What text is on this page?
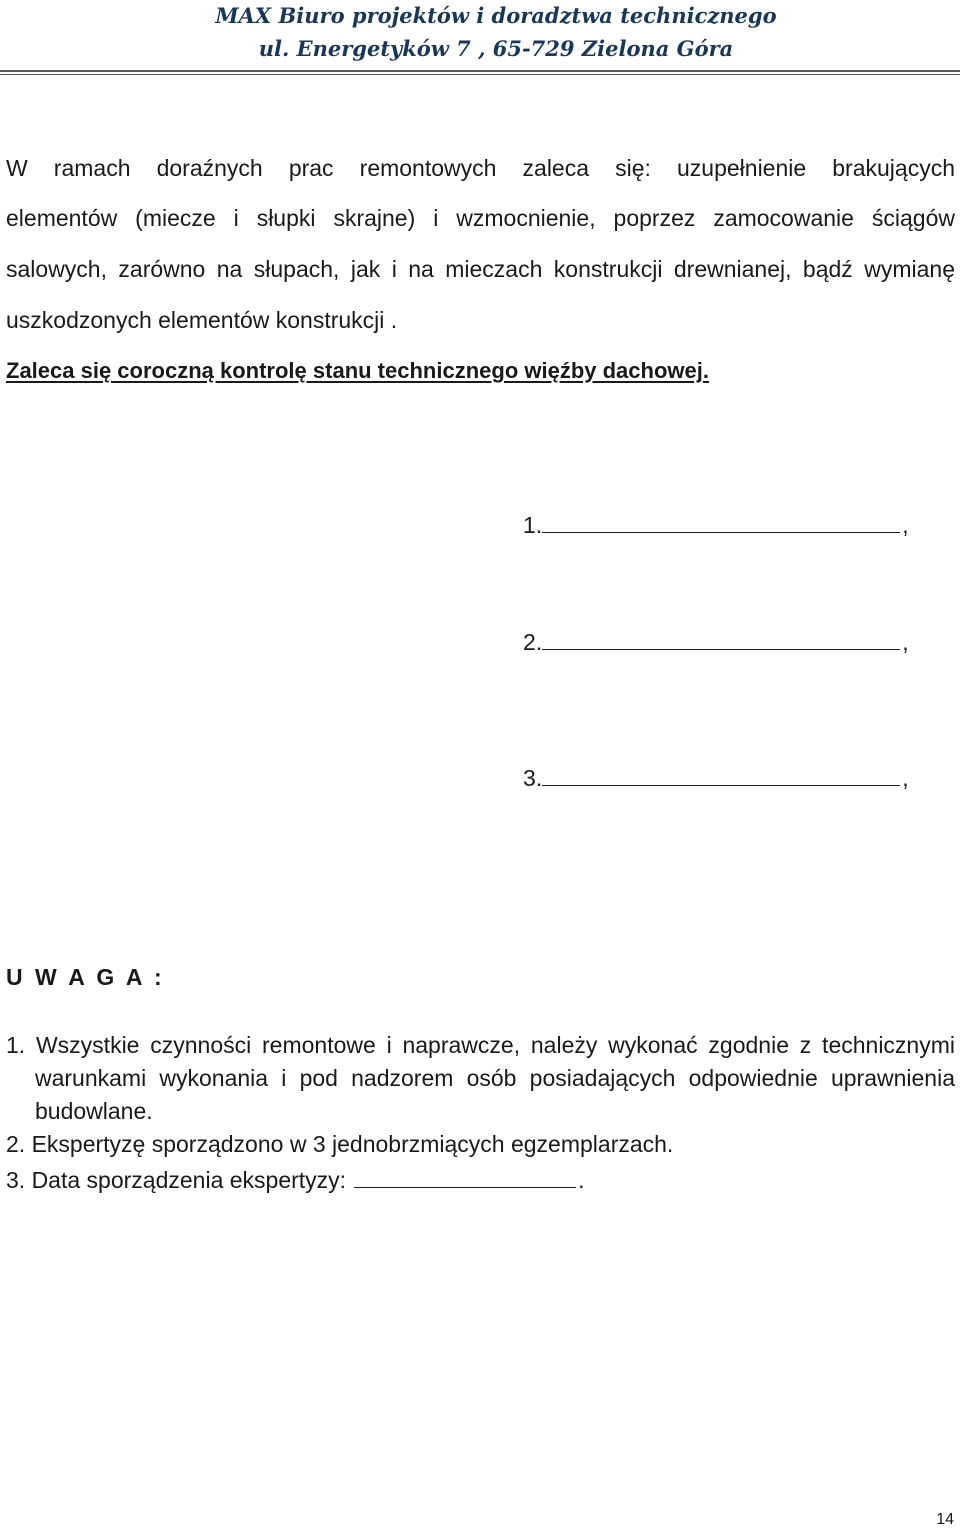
MAX Biuro projektów i doradztwa technicznego
ul. Energetyków 7 , 65-729 Zielona Góra
W ramach doraźnych prac remontowych zaleca się: uzupełnienie brakujących
elementów (miecze i słupki skrajne) i wzmocnienie, poprzez zamocowanie ściągów
salowych, zarówno na słupach, jak i na mieczach konstrukcji drewnianej, bądź wymianę
uszkodzonych elementów konstrukcji .
Zaleca się coroczną kontrolę stanu technicznego więźby dachowej.
1.	,
2.	,
3.	,
U W A G A :
1. Wszystkie czynności remontowe i naprawcze, należy wykonać zgodnie z technicznymi
warunkami wykonania i pod nadzorem osób posiadających odpowiednie uprawnienia
budowlane.
2. Ekspertyzę sporządzono w 3 jednobrzmiących egzemplarzach.
3. Data sporządzenia ekspertyzy:	.
14
